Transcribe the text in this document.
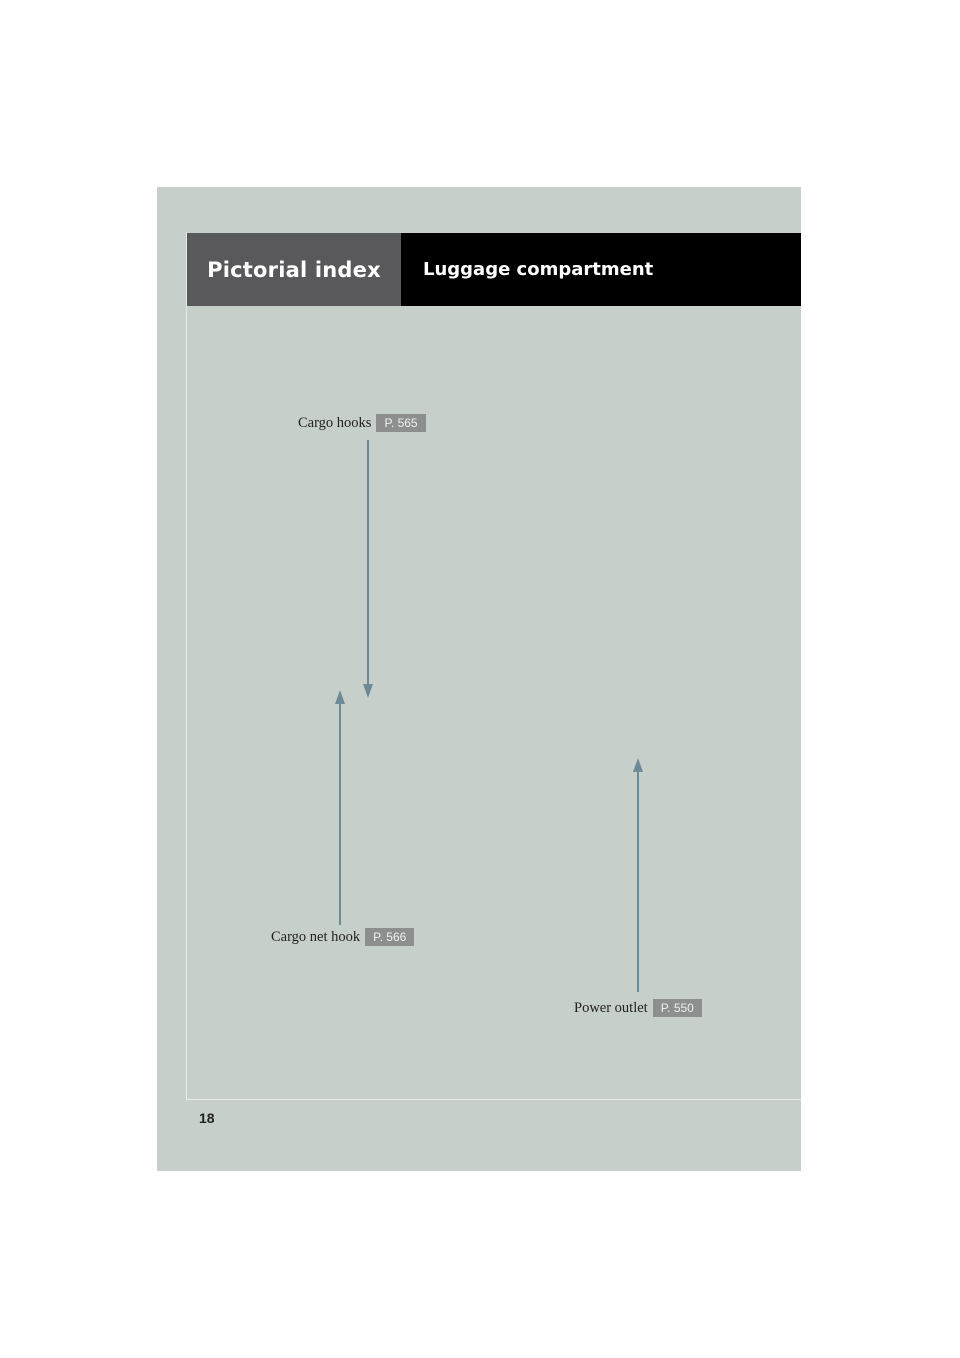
Pictorial index	Luggage compartment
Cargo hooks	P. 565
Cargo net hook	P. 566
Power outlet	P. 550
18
